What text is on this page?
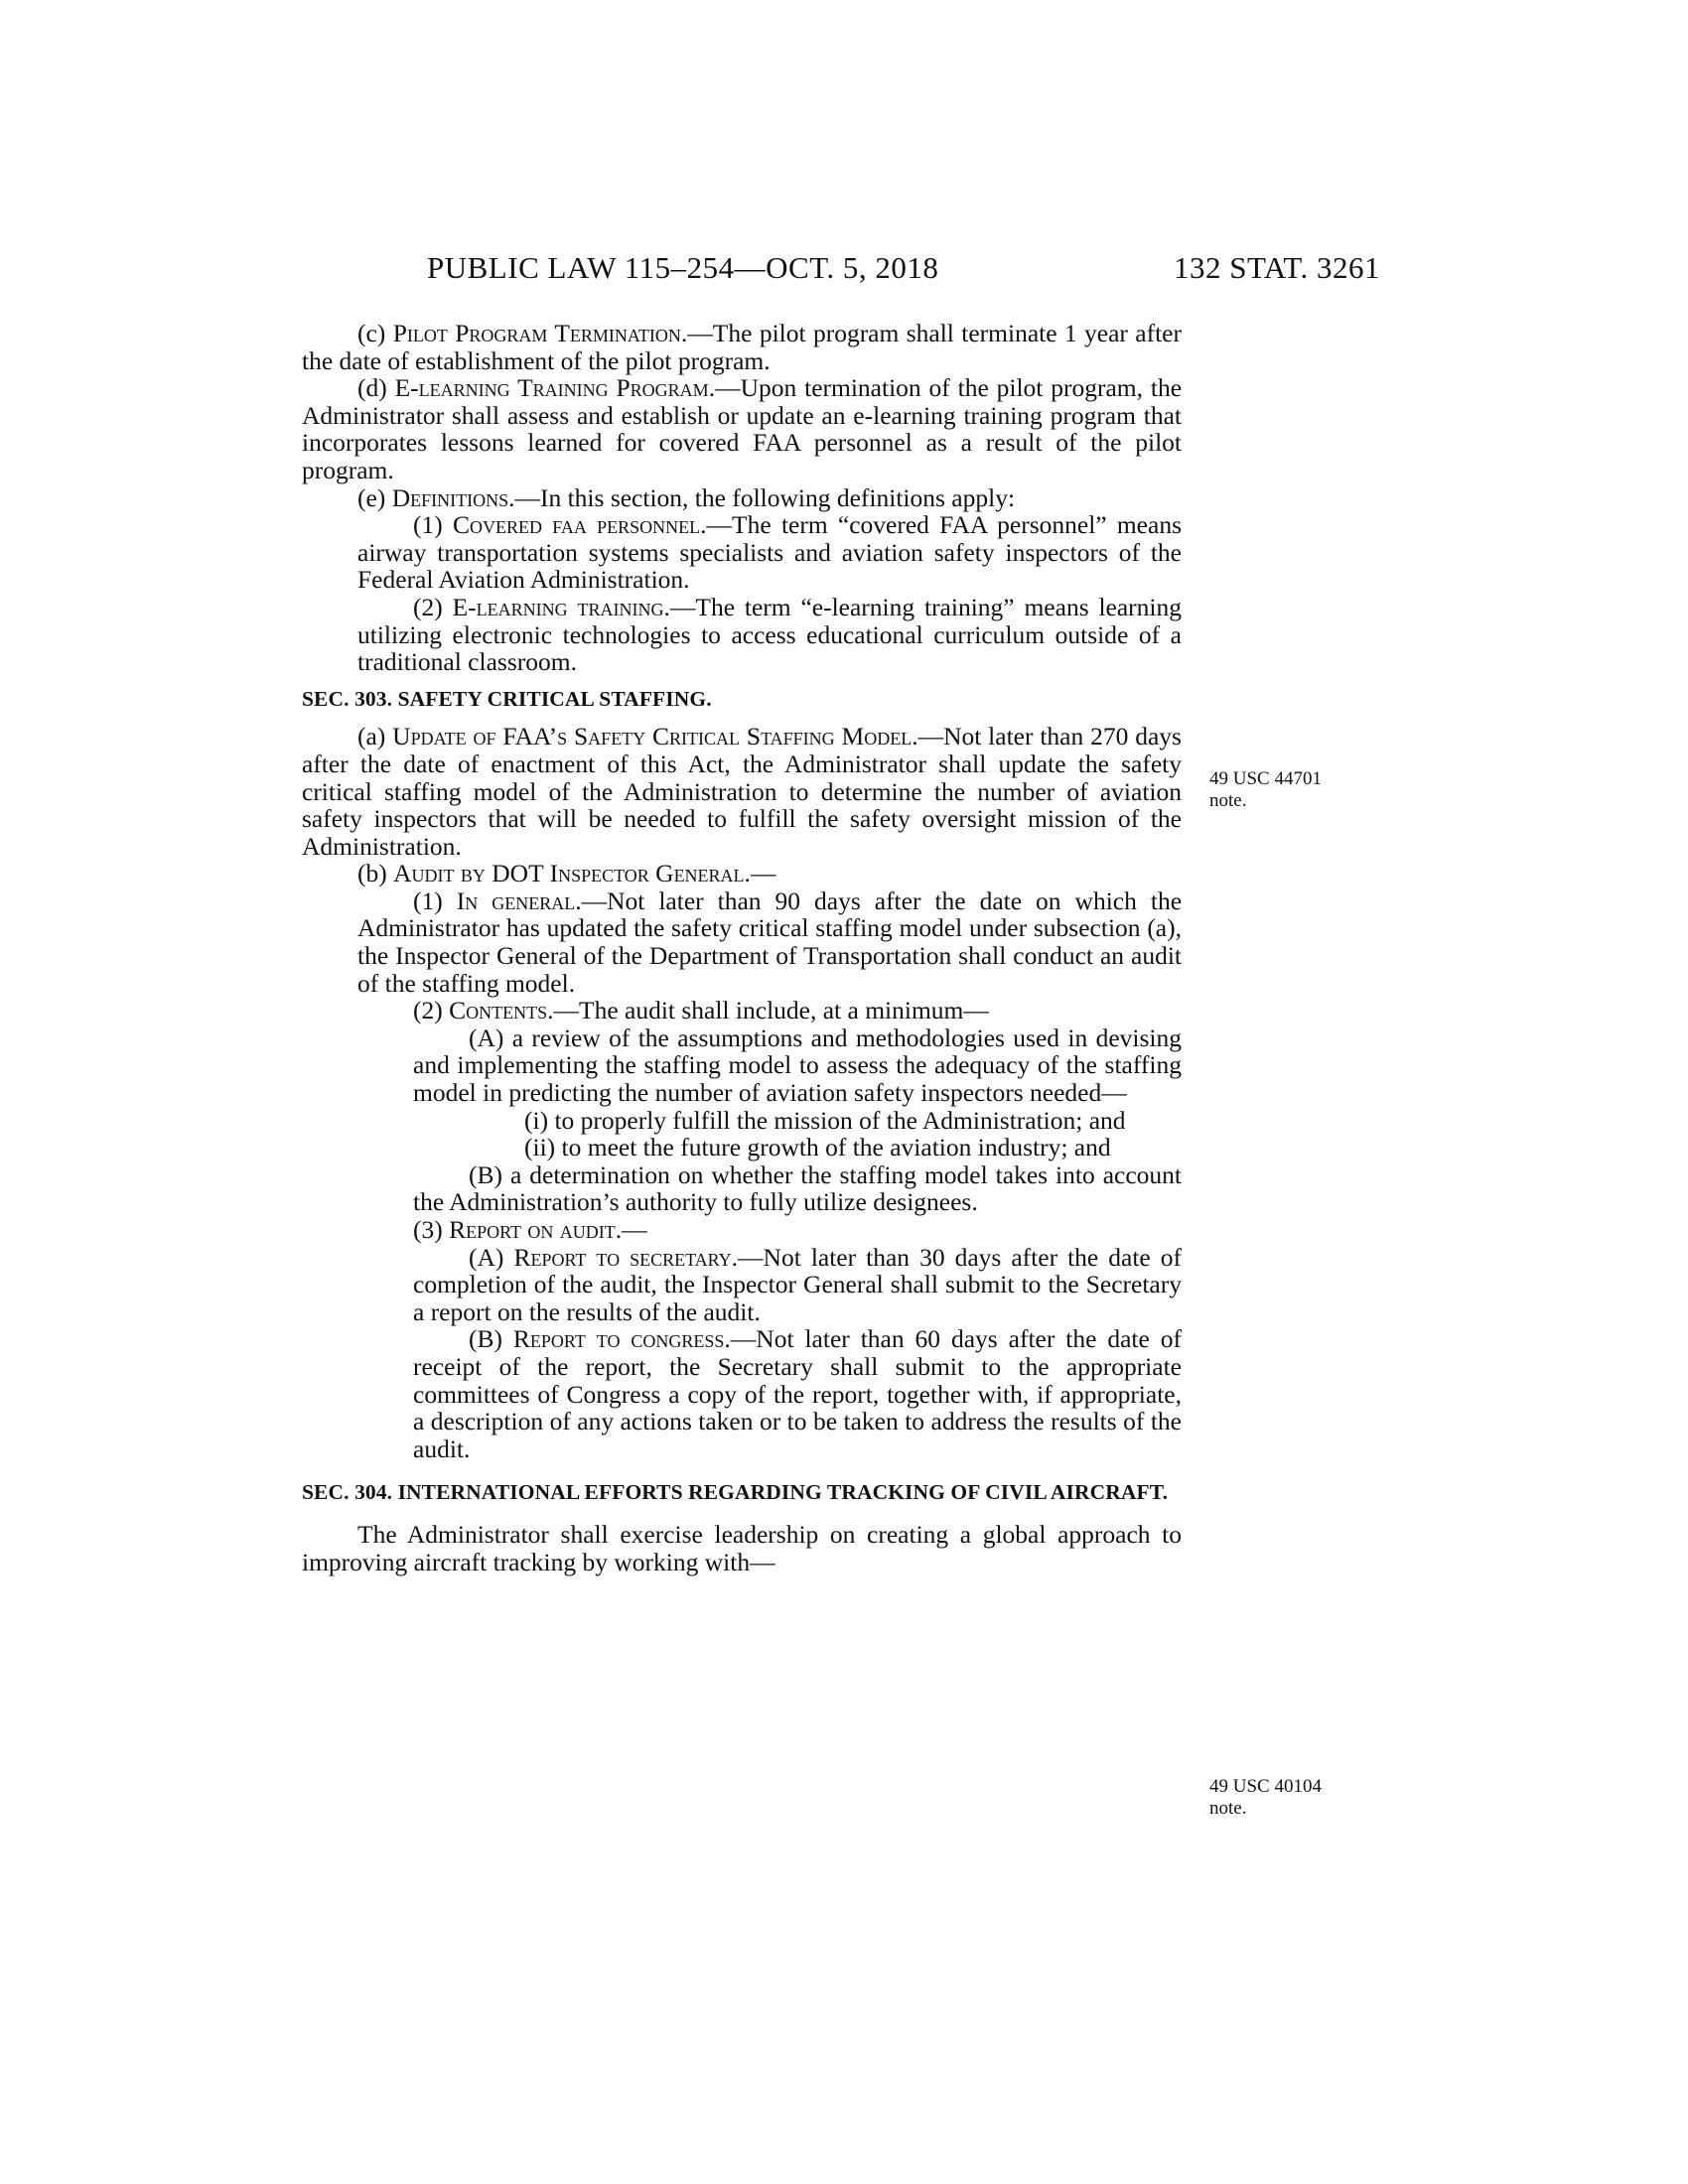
PUBLIC LAW 115–254—OCT. 5, 2018	132 STAT. 3261
49 USC 44701
note.
49 USC 40104
note.

(c) Pilot Program Termination.—The pilot program shall terminate 1 year after the date of establishment of the pilot program.

(d) E-learning Training Program.—Upon termination of the pilot program, the Administrator shall assess and establish or update an e-learning training program that incorporates lessons learned for covered FAA personnel as a result of the pilot program.

(e) Definitions.—In this section, the following definitions apply:

(1) Covered faa personnel.—The term “covered FAA personnel” means airway transportation systems specialists and aviation safety inspectors of the Federal Aviation Administration.

(2) E-learning training.—The term “e-learning training” means learning utilizing electronic technologies to access educational curriculum outside of a traditional classroom.

SEC. 303. SAFETY CRITICAL STAFFING.

(a) Update of FAA’s Safety Critical Staffing Model.—Not later than 270 days after the date of enactment of this Act, the Administrator shall update the safety critical staffing model of the Administration to determine the number of aviation safety inspectors that will be needed to fulfill the safety oversight mission of the Administration.

(b) Audit by DOT Inspector General.—

(1) In general.—Not later than 90 days after the date on which the Administrator has updated the safety critical staffing model under subsection (a), the Inspector General of the Department of Transportation shall conduct an audit of the staffing model.

(2) Contents.—The audit shall include, at a minimum—

(A) a review of the assumptions and methodologies used in devising and implementing the staffing model to assess the adequacy of the staffing model in predicting the number of aviation safety inspectors needed—

(i) to properly fulfill the mission of the Administration; and

(ii) to meet the future growth of the aviation industry; and

(B) a determination on whether the staffing model takes into account the Administration’s authority to fully utilize designees.

(3) Report on audit.—

(A) Report to secretary.—Not later than 30 days after the date of completion of the audit, the Inspector General shall submit to the Secretary a report on the results of the audit.

(B) Report to congress.—Not later than 60 days after the date of receipt of the report, the Secretary shall submit to the appropriate committees of Congress a copy of the report, together with, if appropriate, a description of any actions taken or to be taken to address the results of the audit.

SEC. 304. INTERNATIONAL EFFORTS REGARDING TRACKING OF CIVIL AIRCRAFT.

The Administrator shall exercise leadership on creating a global approach to improving aircraft tracking by working with—
